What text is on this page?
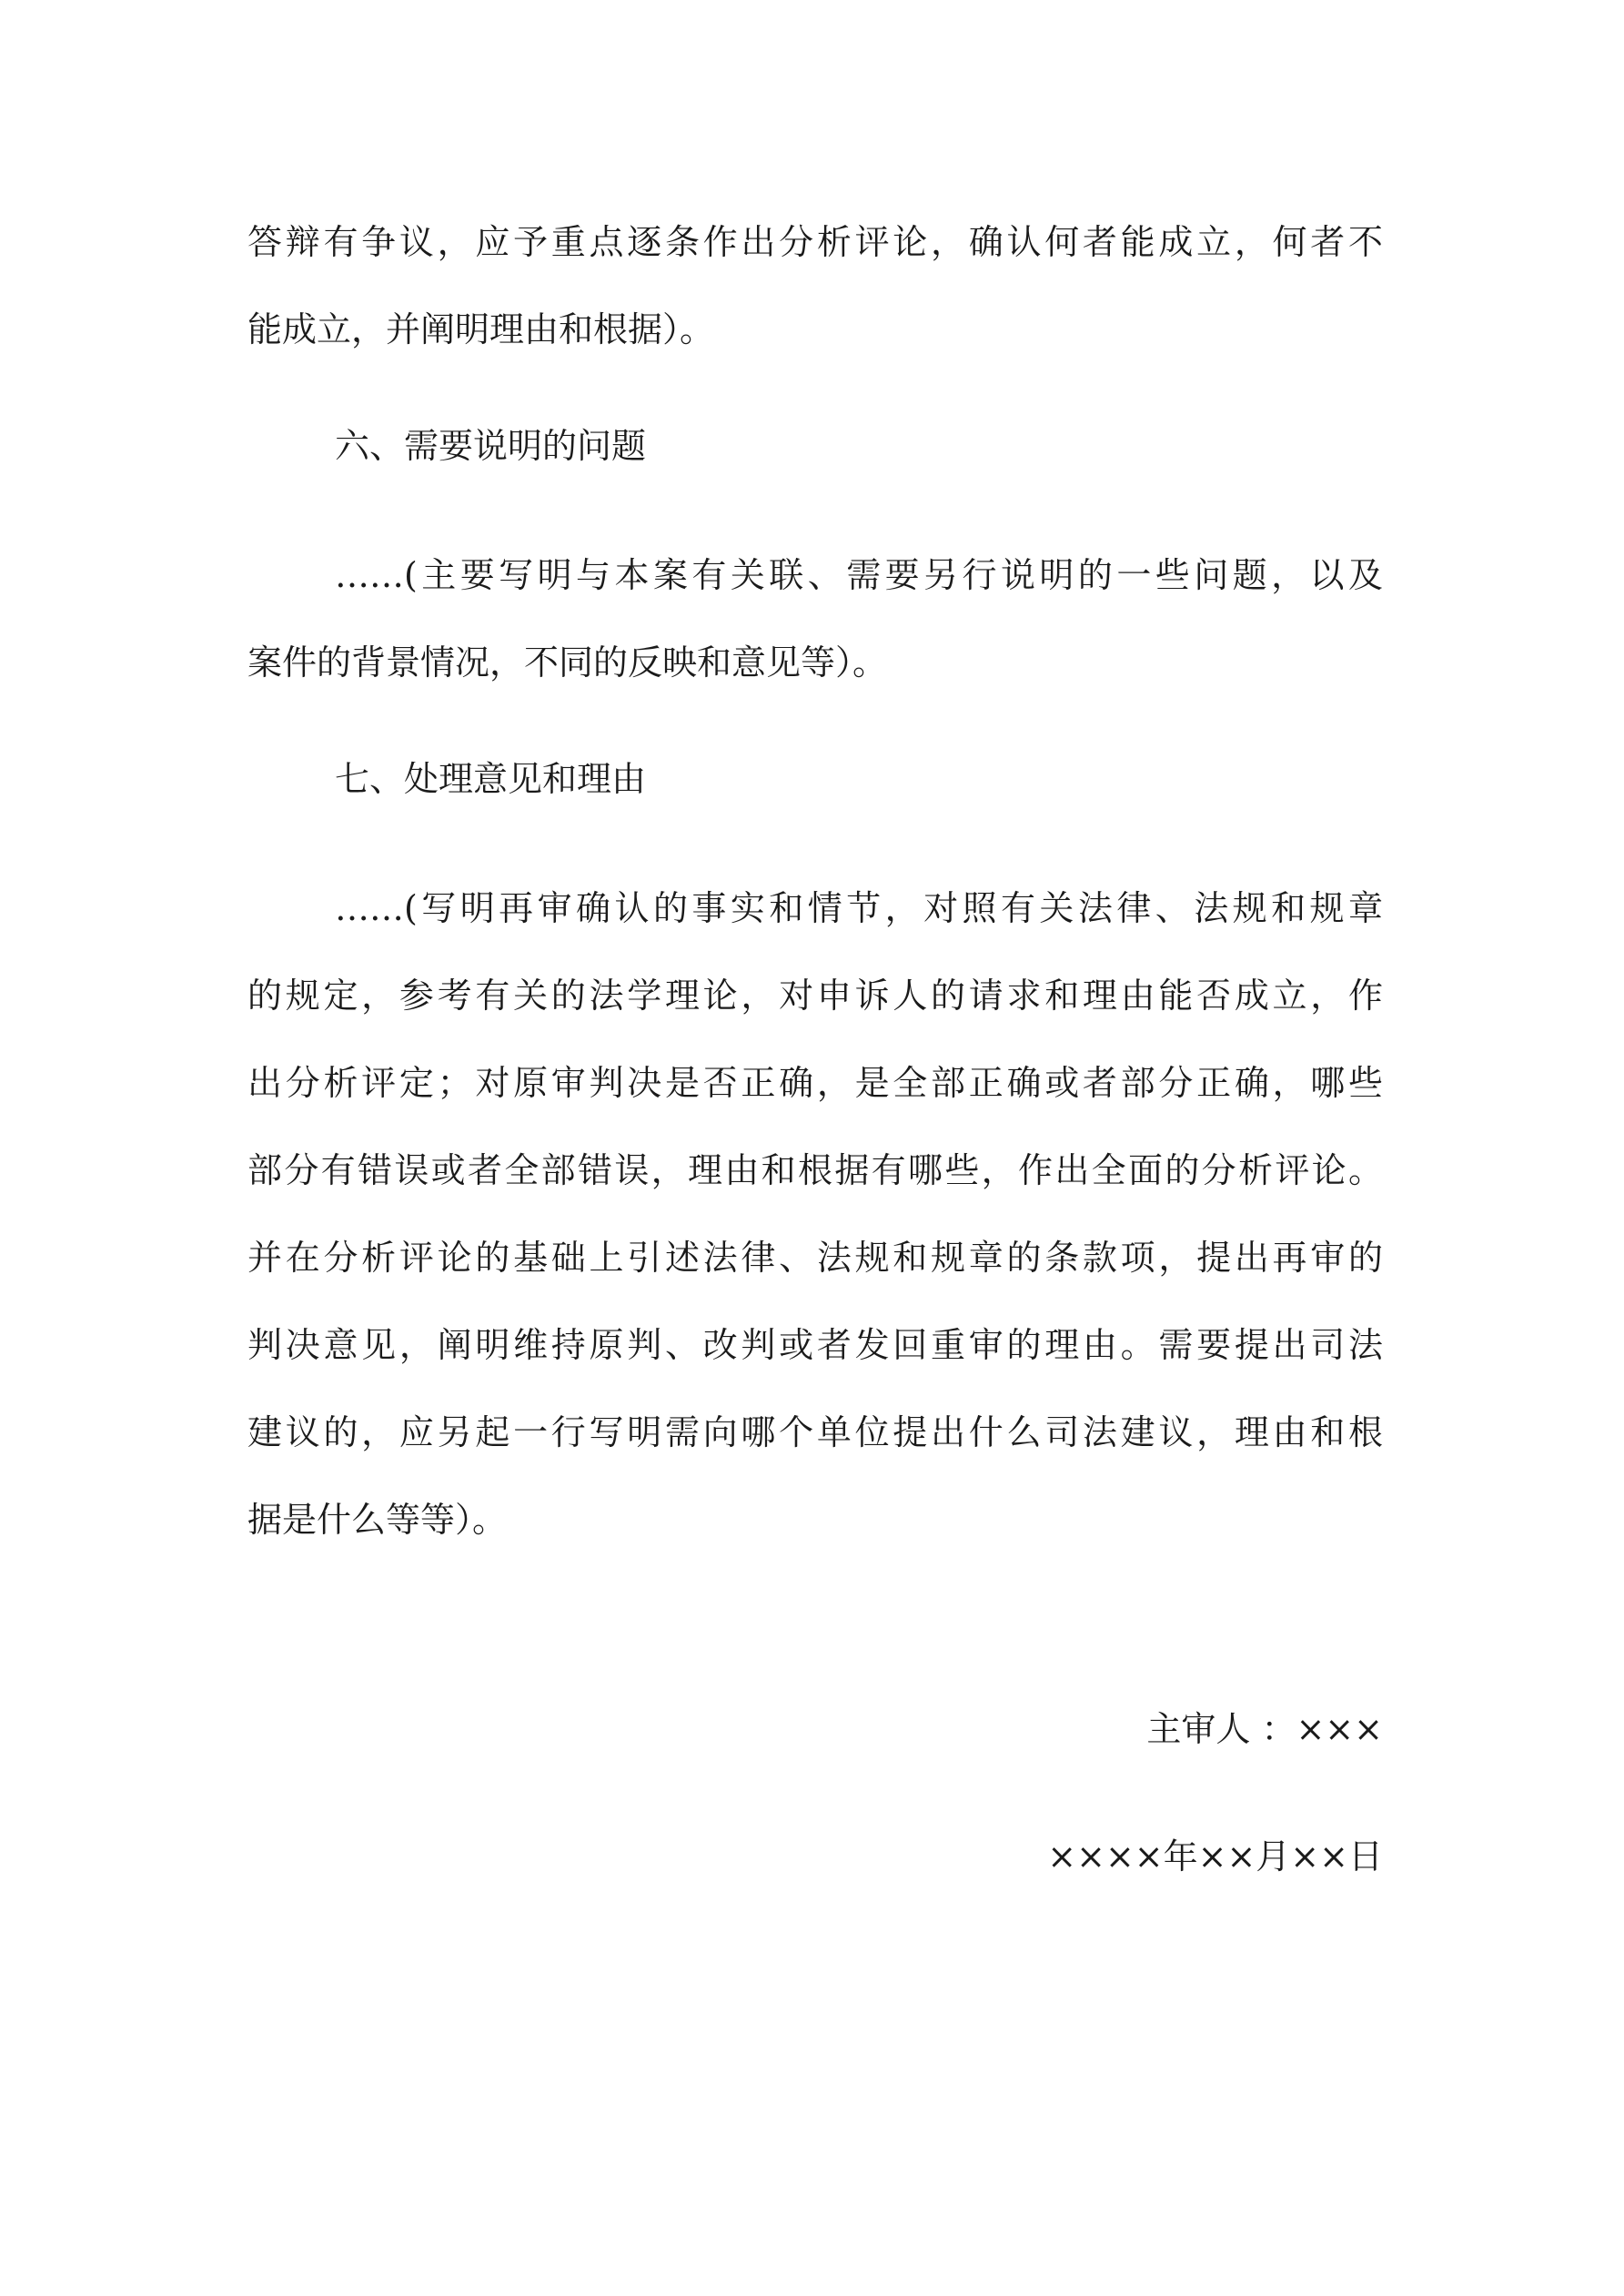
答辩有争议，应予重点逐条作出分析评论，确认何者能成立，何者不
能成立，并阐明理由和根据）。
六、需要说明的问题
……(主要写明与本案有关联、需要另行说明的一些问题，以及
案件的背景情况，不同的反映和意见等）。
七、处理意见和理由
……(写明再审确认的事实和情节，对照有关法律、法规和规章
的规定，参考有关的法学理论，对申诉人的请求和理由能否成立，作
出分析评定；对原审判决是否正确，是全部正确或者部分正确，哪些
部分有错误或者全部错误，理由和根据有哪些，作出全面的分析评论。
并在分析评论的基础上引述法律、法规和规章的条款项，提出再审的
判决意见，阐明维持原判、改判或者发回重审的理由。需要提出司法
建议的，应另起一行写明需向哪个单位提出什么司法建议，理由和根
据是什么等等）。
主审人 ：×××
××××年××月××日
